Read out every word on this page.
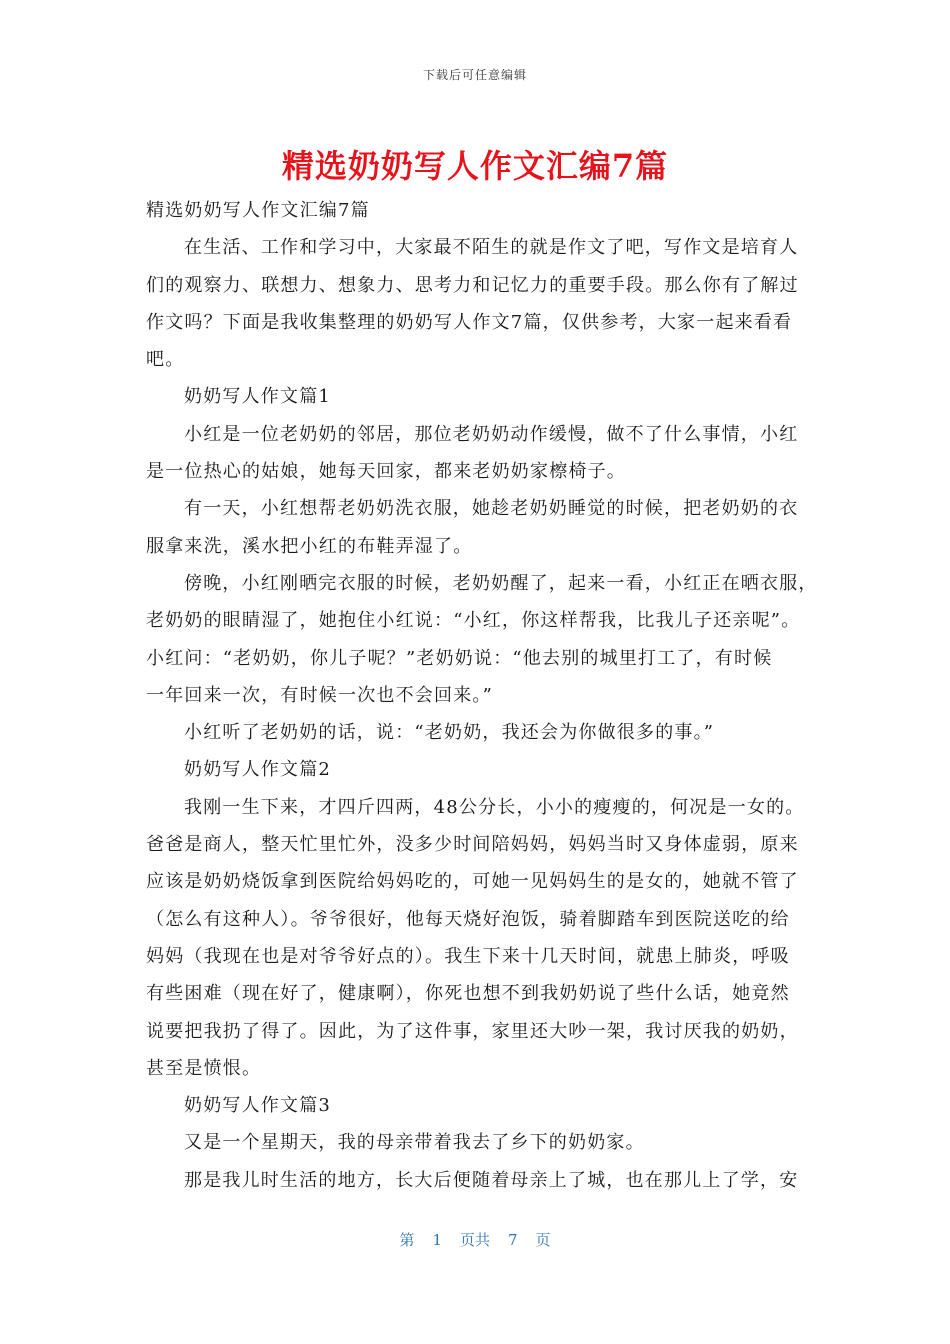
下载后可任意编辑
精选奶奶写人作文汇编7篇
精选奶奶写人作文汇编7篇
在生活、工作和学习中，大家最不陌生的就是作文了吧，写作文是培育人
们的观察力、联想力、想象力、思考力和记忆力的重要手段。那么你有了解过
作文吗？下面是我收集整理的奶奶写人作文7篇，仅供参考，大家一起来看看
吧。
奶奶写人作文篇1
小红是一位老奶奶的邻居，那位老奶奶动作缓慢，做不了什么事情，小红
是一位热心的姑娘，她每天回家，都来老奶奶家檫椅子。
有一天，小红想帮老奶奶洗衣服，她趁老奶奶睡觉的时候，把老奶奶的衣
服拿来洗，溪水把小红的布鞋弄湿了。
傍晚，小红刚晒完衣服的时候，老奶奶醒了，起来一看，小红正在晒衣服，
老奶奶的眼睛湿了，她抱住小红说：“小红，你这样帮我，比我儿子还亲呢”。
小红问：“老奶奶，你儿子呢？”老奶奶说：“他去别的城里打工了，有时候
一年回来一次，有时候一次也不会回来。”
小红听了老奶奶的话，说：“老奶奶，我还会为你做很多的事。”
奶奶写人作文篇2
我刚一生下来，才四斤四两，48公分长，小小的瘦瘦的，何况是一女的。
爸爸是商人，整天忙里忙外，没多少时间陪妈妈，妈妈当时又身体虚弱，原来
应该是奶奶烧饭拿到医院给妈妈吃的，可她一见妈妈生的是女的，她就不管了
（怎么有这种人）。爷爷很好，他每天烧好泡饭，骑着脚踏车到医院送吃的给
妈妈（我现在也是对爷爷好点的）。我生下来十几天时间，就患上肺炎，呼吸
有些困难（现在好了，健康啊），你死也想不到我奶奶说了些什么话，她竟然
说要把我扔了得了。因此，为了这件事，家里还大吵一架，我讨厌我的奶奶，
甚至是愤恨。
奶奶写人作文篇3
又是一个星期天，我的母亲带着我去了乡下的奶奶家。
那是我儿时生活的地方，长大后便随着母亲上了城，也在那儿上了学，安
第 1 页共 7 页
